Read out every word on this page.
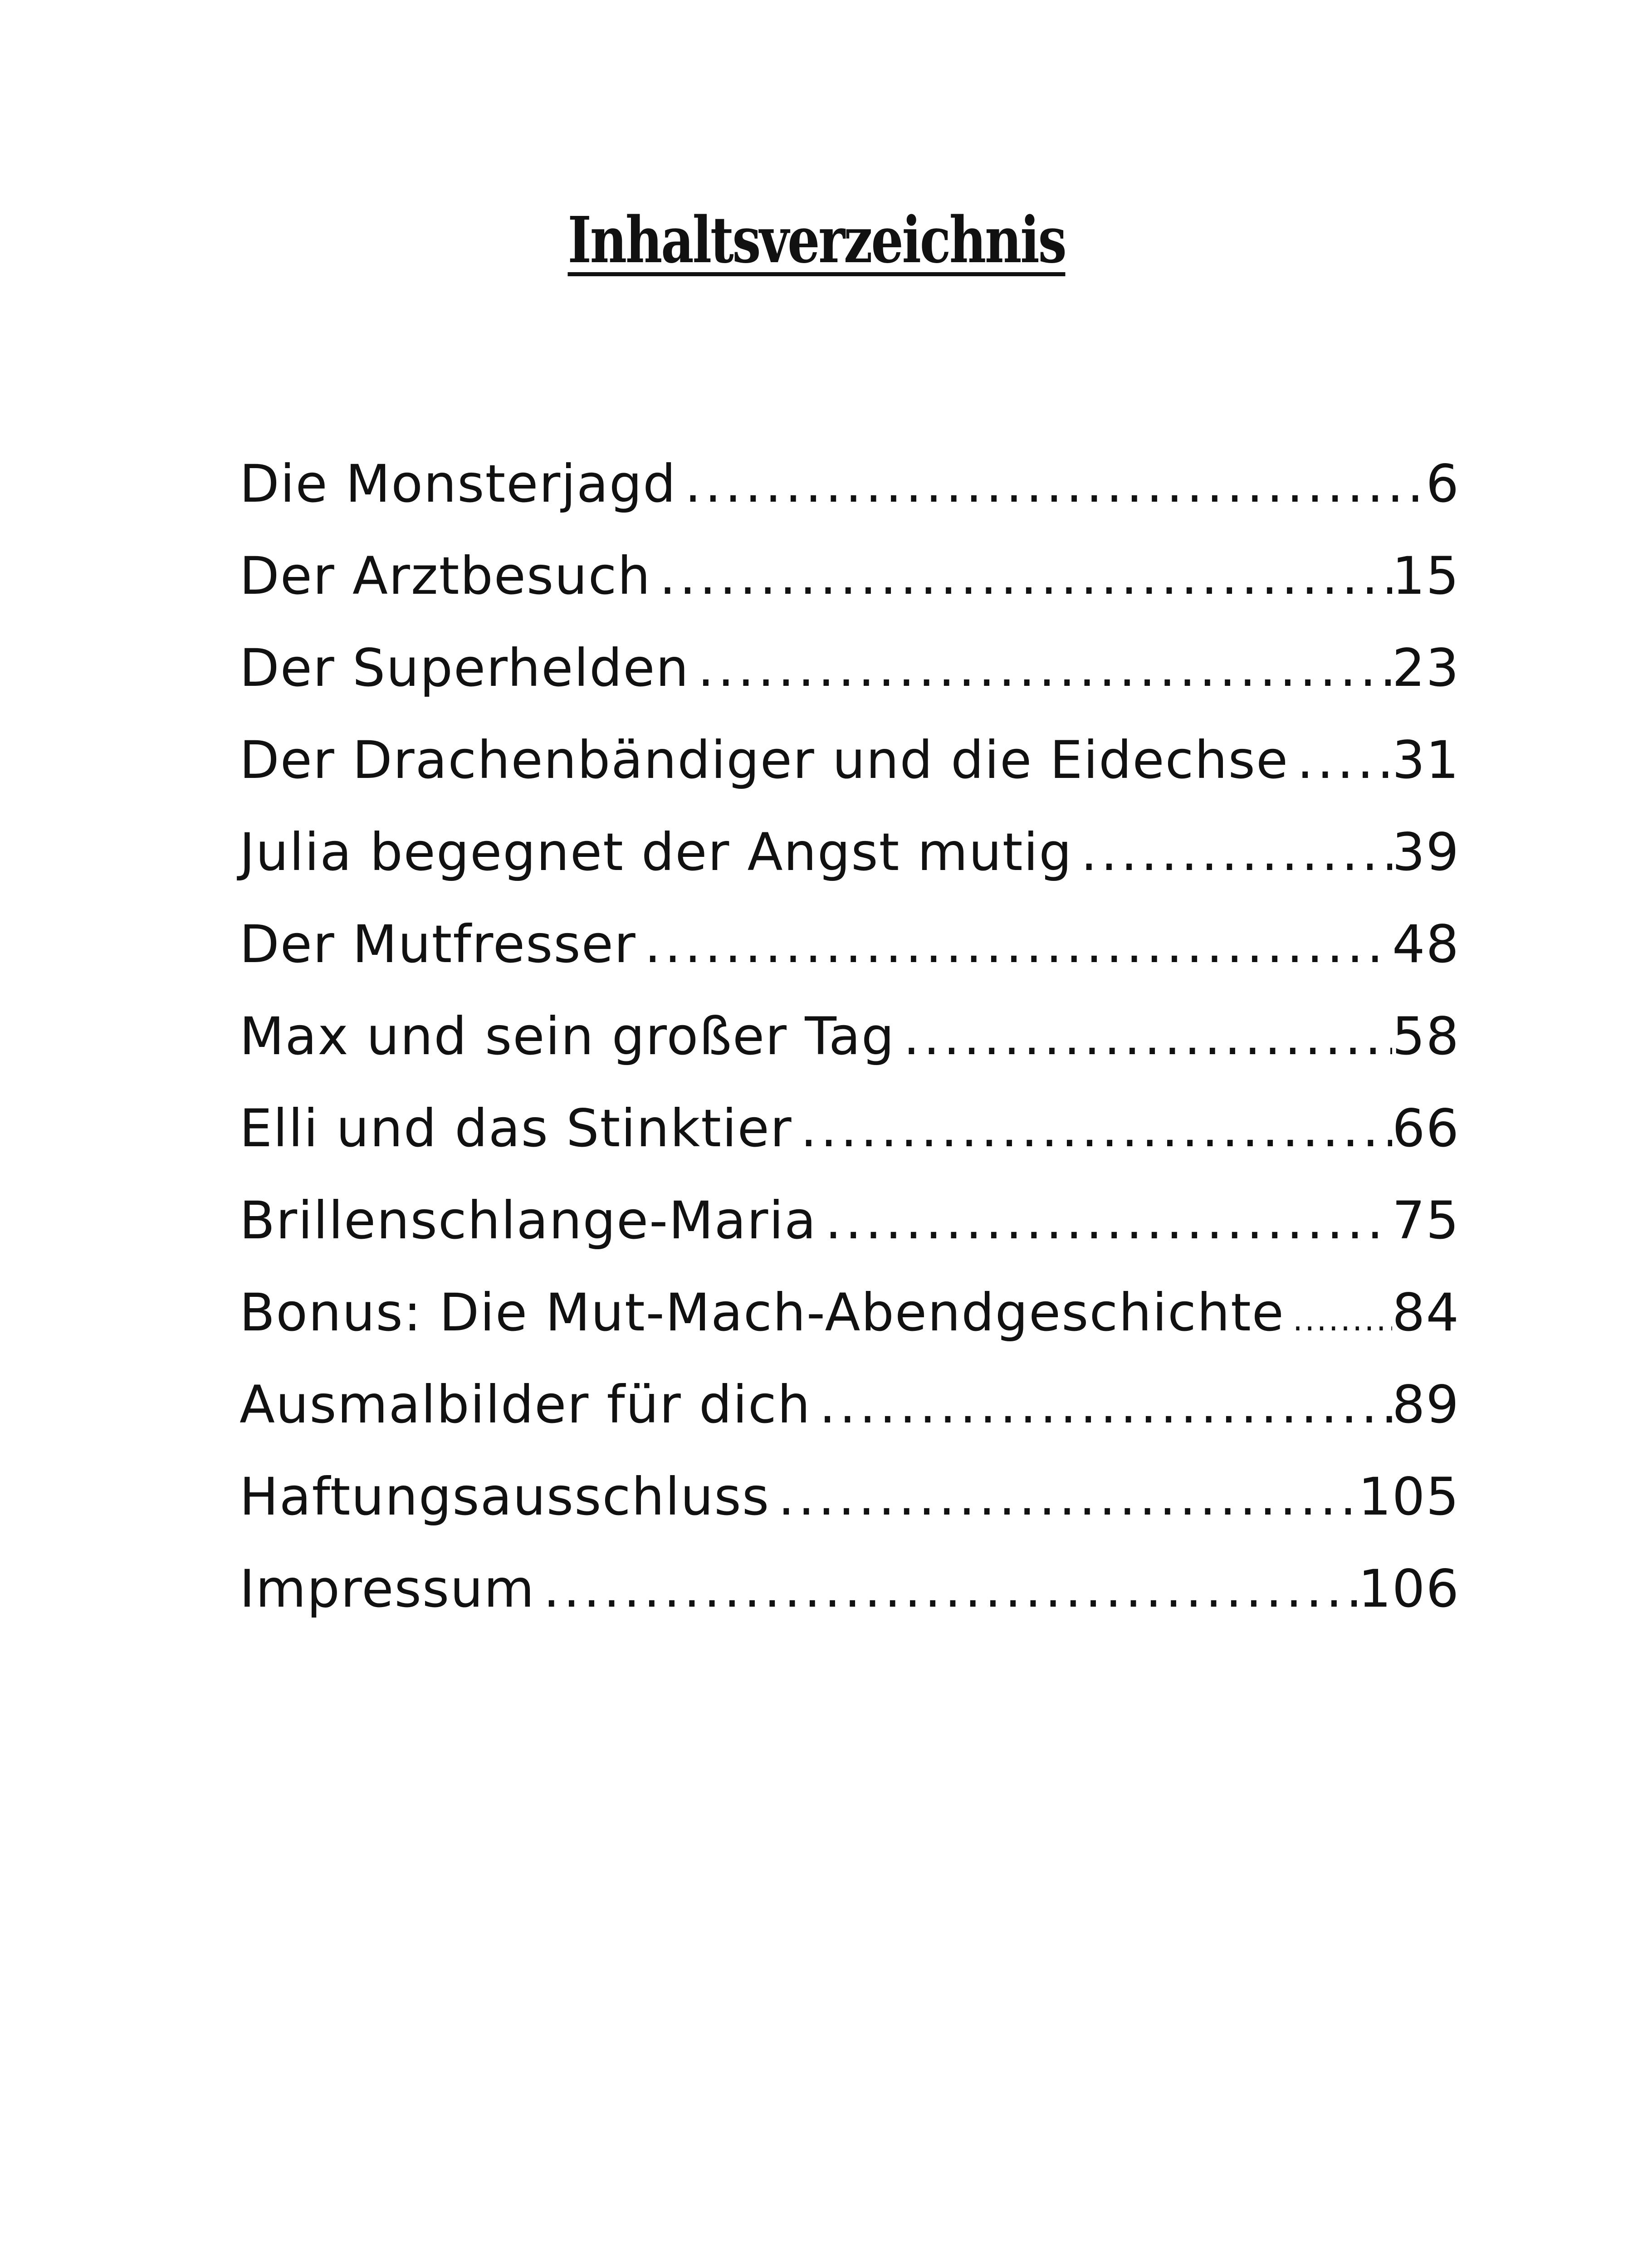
Inhaltsverzeichnis
Die Monsterjagd .....	6
Der Arztbesuch .....	15
Der Superhelden .....	23
Der Drachenbändiger und die Eidechse ..... 31
Julia begegnet der Angst mutig .....	39
Der Mutfresser .....	48
Max und sein großer Tag .....	58
Elli und das Stinktier .....	66
Brillenschlange-Maria .....	75
Bonus: Die Mut-Mach-Abendgeschichte ..... 84
Ausmalbilder für dich .....	89
Haftungsausschluss .....	105
Impressum .....	106
